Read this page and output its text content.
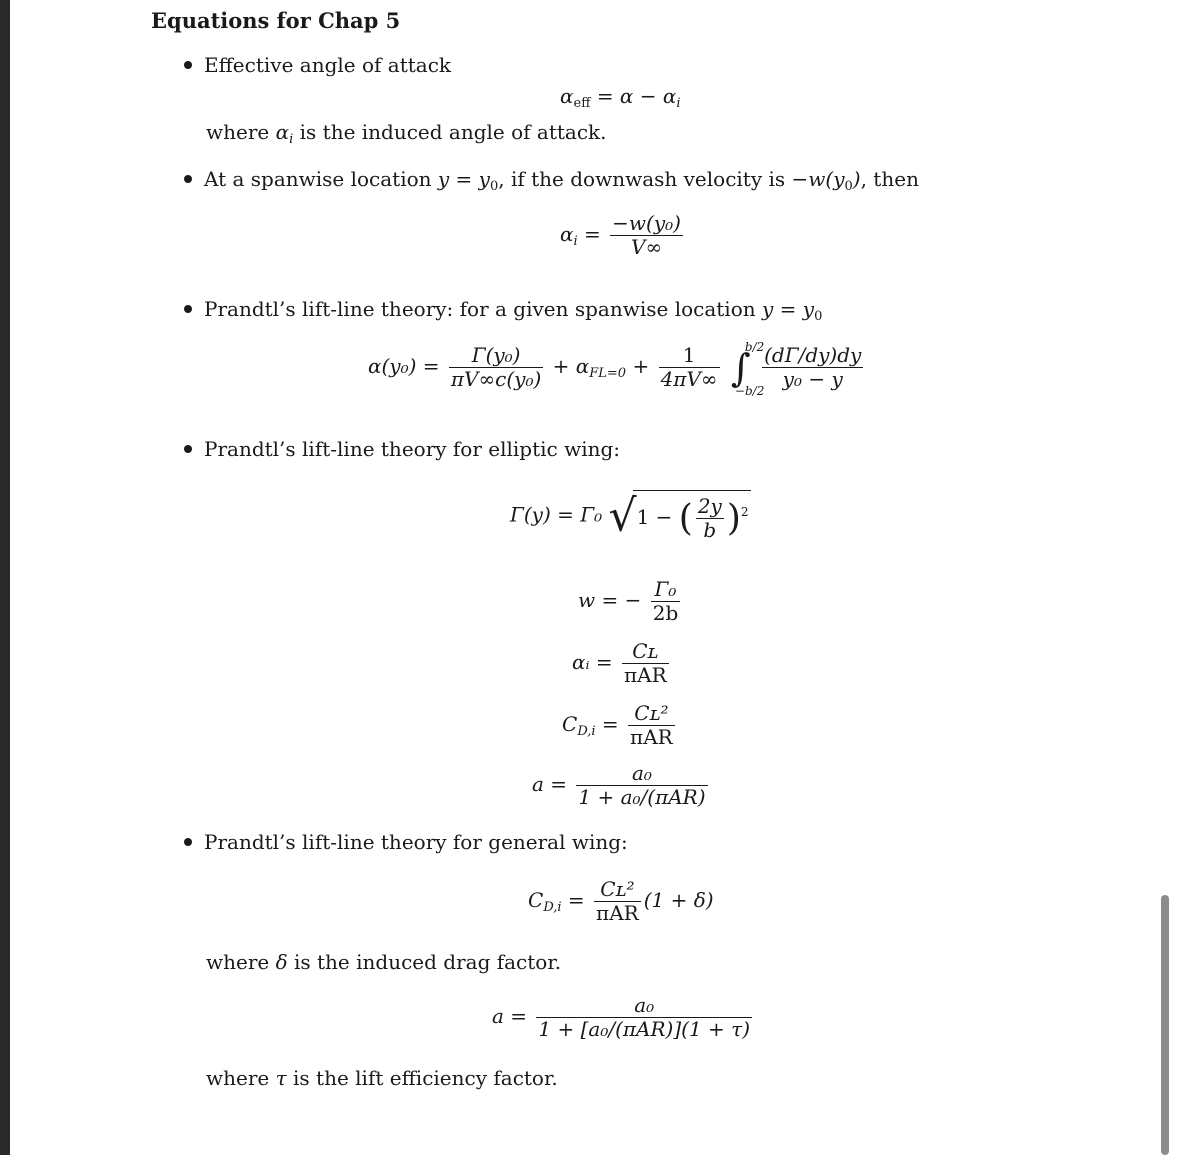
Equations for Chap 5
Effective angle of attack
$\alpha_{eff} = \alpha - \alpha_i$
where $\alpha_i$ is the induced angle of attack.
At a spanwise location $y = y_0$, if the downwash velocity is $-w(y_0)$, then
$\alpha_i = \frac{\text{−w(y₀)}}{V\infty}$
Prandtl’s lift-line theory: for a given spanwise location $y = y_0$
$\alpha(y_0) = \frac{\text{Γ(y₀)}}{\text{πV∞c(y₀)}} + \alpha_{FL=0} + \frac{1}{4\pi V\infty}$ ∫
b/2
−b/2

$\frac{(d\Gamma/dy)dy}{\text{y₀ − y}}$
Prandtl’s lift-line theory for elliptic wing:
Γ(y) = Γ₀ √1 − ( $\frac{2y}{b} )^2$
w = − $\frac{\text{Γ₀}}{2b}$
αᵢ = $\frac{\text{Cʟ}}{\text{πAR}}$
$C_{D,i} = \frac{\text{Cʟ²}}{\text{πAR}}$
$a = \frac{\text{a₀}}{\text{1 + a₀/(πAR)}}$
Prandtl’s lift-line theory for general wing:
$C_{D,i} = \frac{\text{Cʟ²}}{\text{πAR}} (1 + \delta)$
where δ is the induced drag factor.
$a = \frac{\text{a₀}}{\text{1 + [a₀/(πAR)](1 + τ)}}$
where τ is the lift efficiency factor.
